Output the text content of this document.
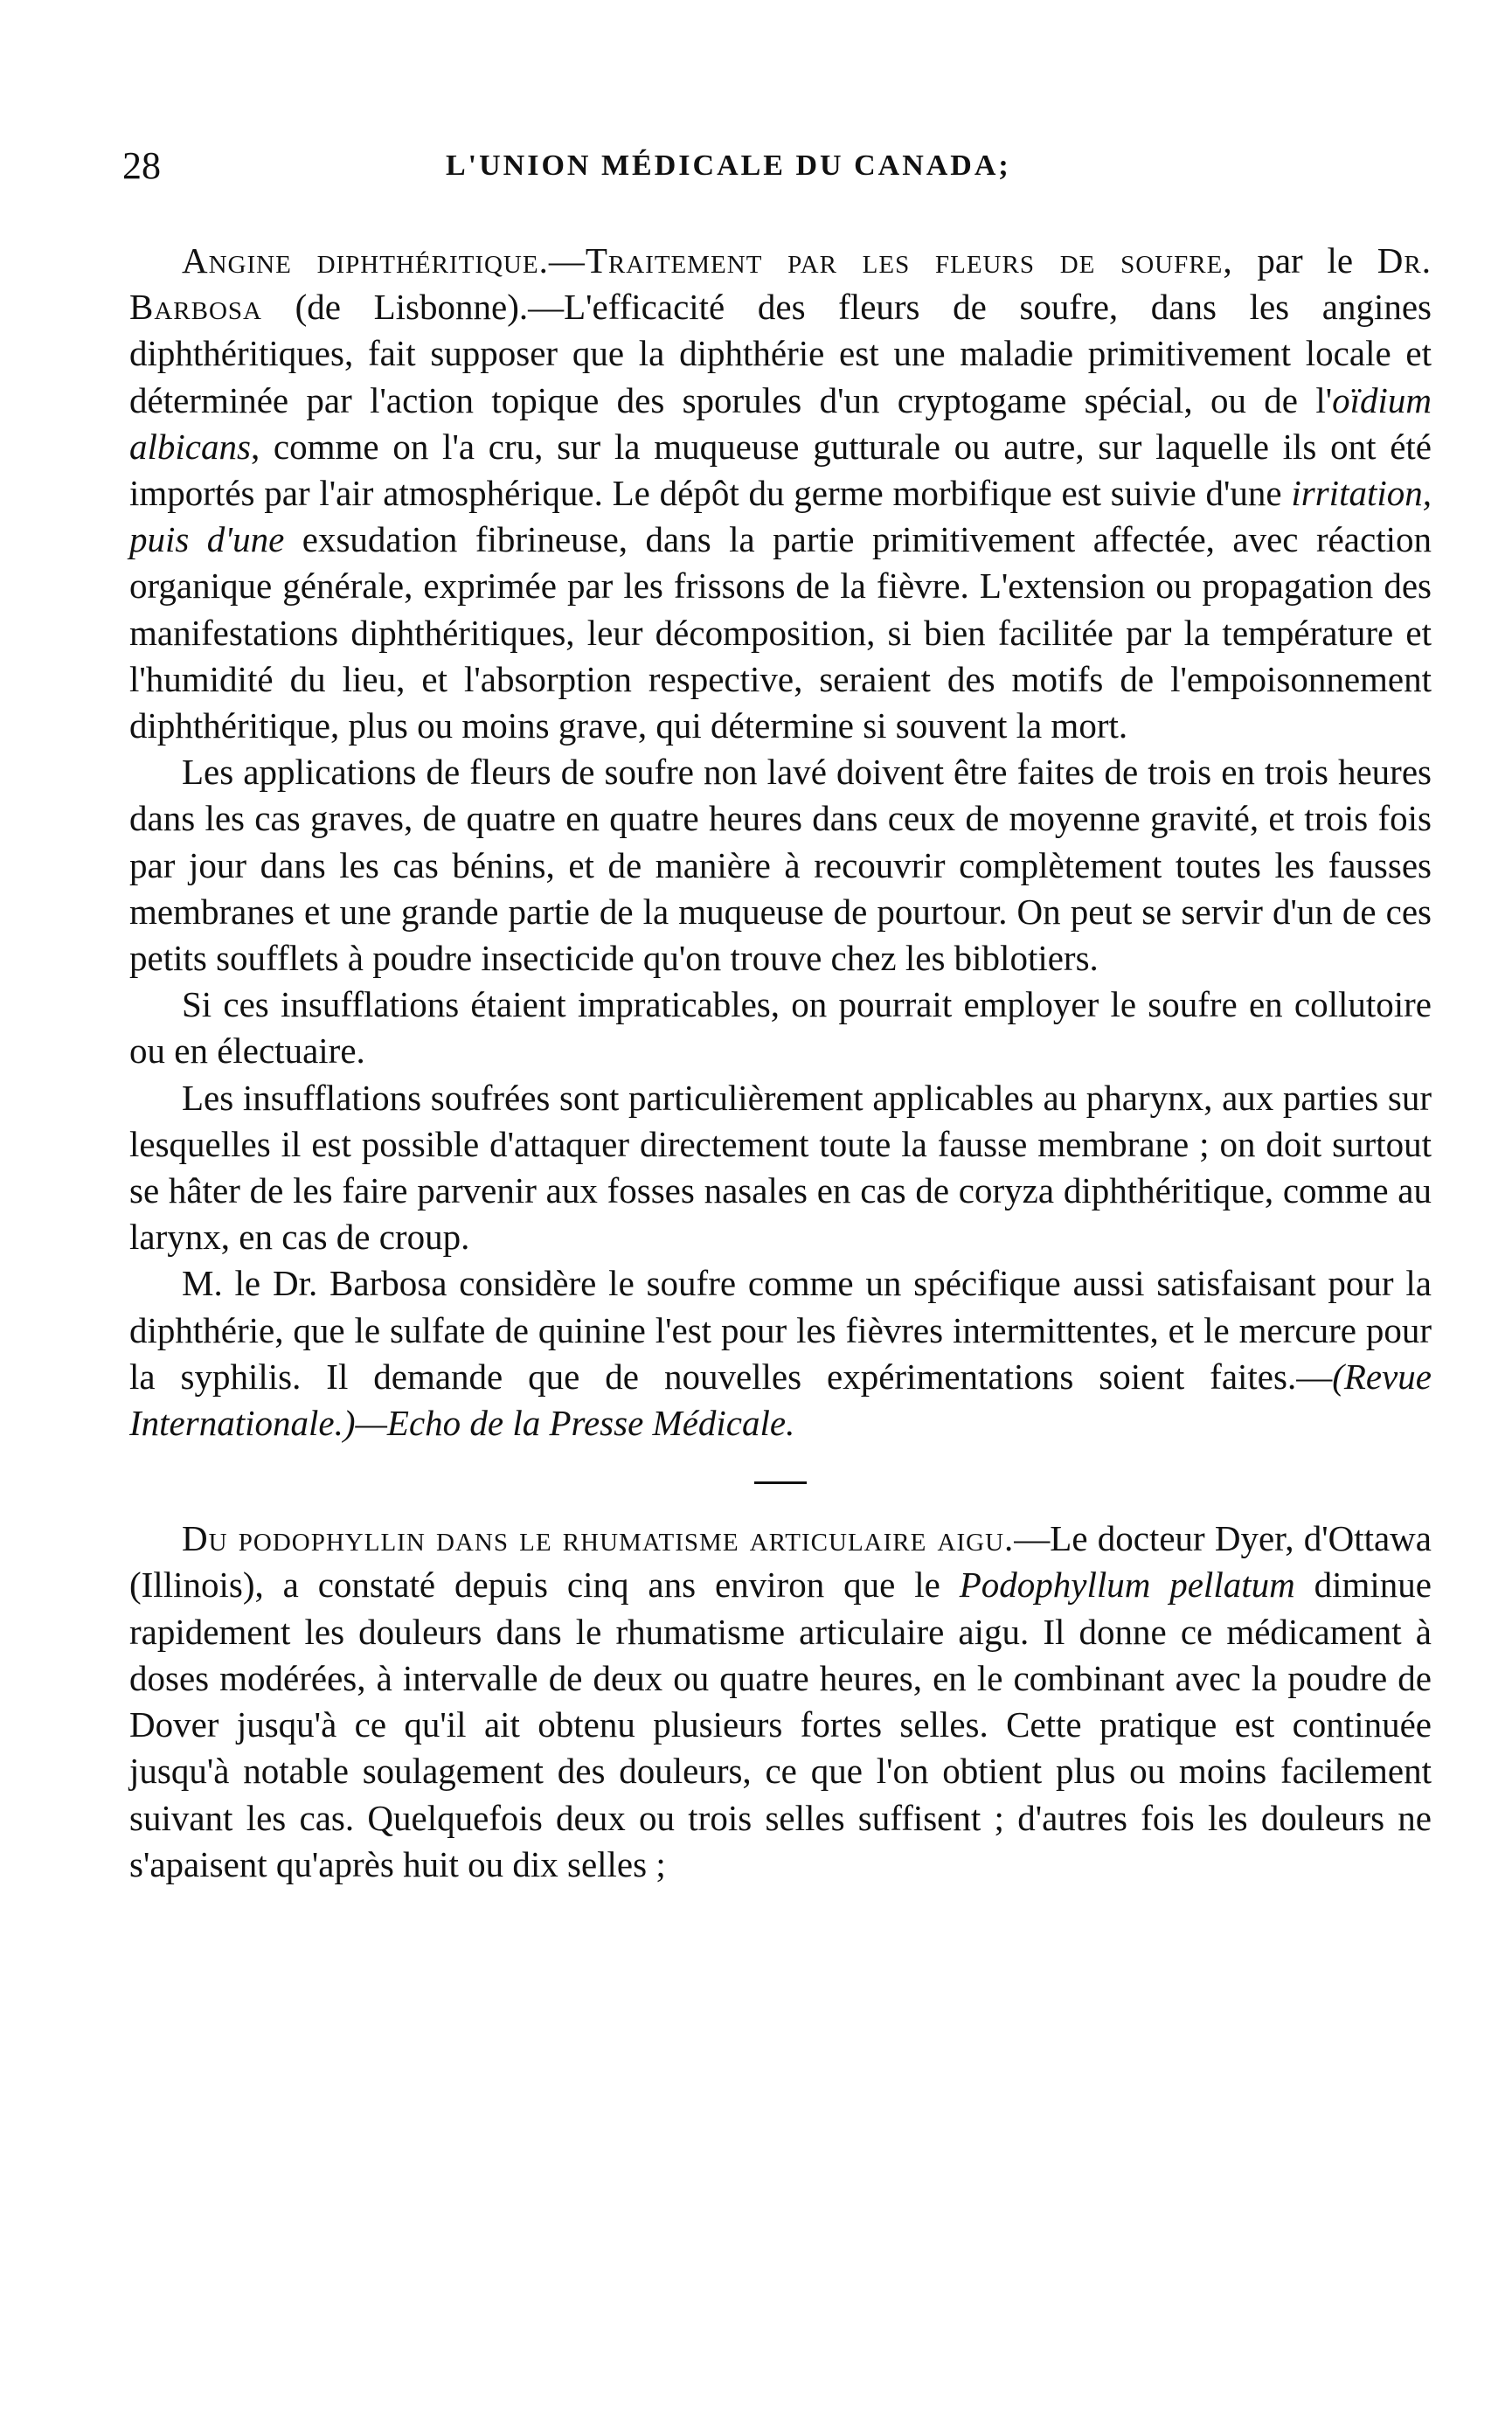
28	L'UNION MÉDICALE DU CANADA;

Angine diphthéritique.—Traitement par les fleurs de soufre, par le Dr. Barbosa (de Lisbonne).—L'efficacité des fleurs de soufre, dans les angines diphthéritiques, fait supposer que la diphthérie est une maladie primitivement locale et déterminée par l'action topique des sporules d'un cryptogame spécial, ou de l'oïdium albicans, comme on l'a cru, sur la muqueuse gutturale ou autre, sur laquelle ils ont été importés par l'air atmosphérique. Le dépôt du germe morbifique est suivie d'une irritation, puis d'une exsudation fibrineuse, dans la partie primitivement affectée, avec réaction organique générale, exprimée par les frissons de la fièvre. L'extension ou propagation des manifestations diphthéritiques, leur décomposition, si bien facilitée par la température et l'humidité du lieu, et l'absorption respective, seraient des motifs de l'empoisonnement diphthéritique, plus ou moins grave, qui détermine si souvent la mort.

Les applications de fleurs de soufre non lavé doivent être faites de trois en trois heures dans les cas graves, de quatre en quatre heures dans ceux de moyenne gravité, et trois fois par jour dans les cas bénins, et de manière à recouvrir complètement toutes les fausses membranes et une grande partie de la muqueuse de pourtour. On peut se servir d'un de ces petits soufflets à poudre insecticide qu'on trouve chez les biblotiers.

Si ces insufflations étaient impraticables, on pourrait employer le soufre en collutoire ou en électuaire.

Les insufflations soufrées sont particulièrement applicables au pharynx, aux parties sur lesquelles il est possible d'attaquer directement toute la fausse membrane ; on doit surtout se hâter de les faire parvenir aux fosses nasales en cas de coryza diphthéritique, comme au larynx, en cas de croup.

M. le Dr. Barbosa considère le soufre comme un spécifique aussi satisfaisant pour la diphthérie, que le sulfate de quinine l'est pour les fièvres intermittentes, et le mercure pour la syphilis. Il demande que de nouvelles expérimentations soient faites.—(Revue Internationale.)—Echo de la Presse Médicale.

Du podophyllin dans le rhumatisme articulaire aigu.—Le docteur Dyer, d'Ottawa (Illinois), a constaté depuis cinq ans environ que le Podophyllum pellatum diminue rapidement les douleurs dans le rhumatisme articulaire aigu. Il donne ce médicament à doses modérées, à intervalle de deux ou quatre heures, en le combinant avec la poudre de Dover jusqu'à ce qu'il ait obtenu plusieurs fortes selles. Cette pratique est continuée jusqu'à notable soulagement des douleurs, ce que l'on obtient plus ou moins facilement suivant les cas. Quelquefois deux ou trois selles suffisent ; d'autres fois les douleurs ne s'apaisent qu'après huit ou dix selles ;
